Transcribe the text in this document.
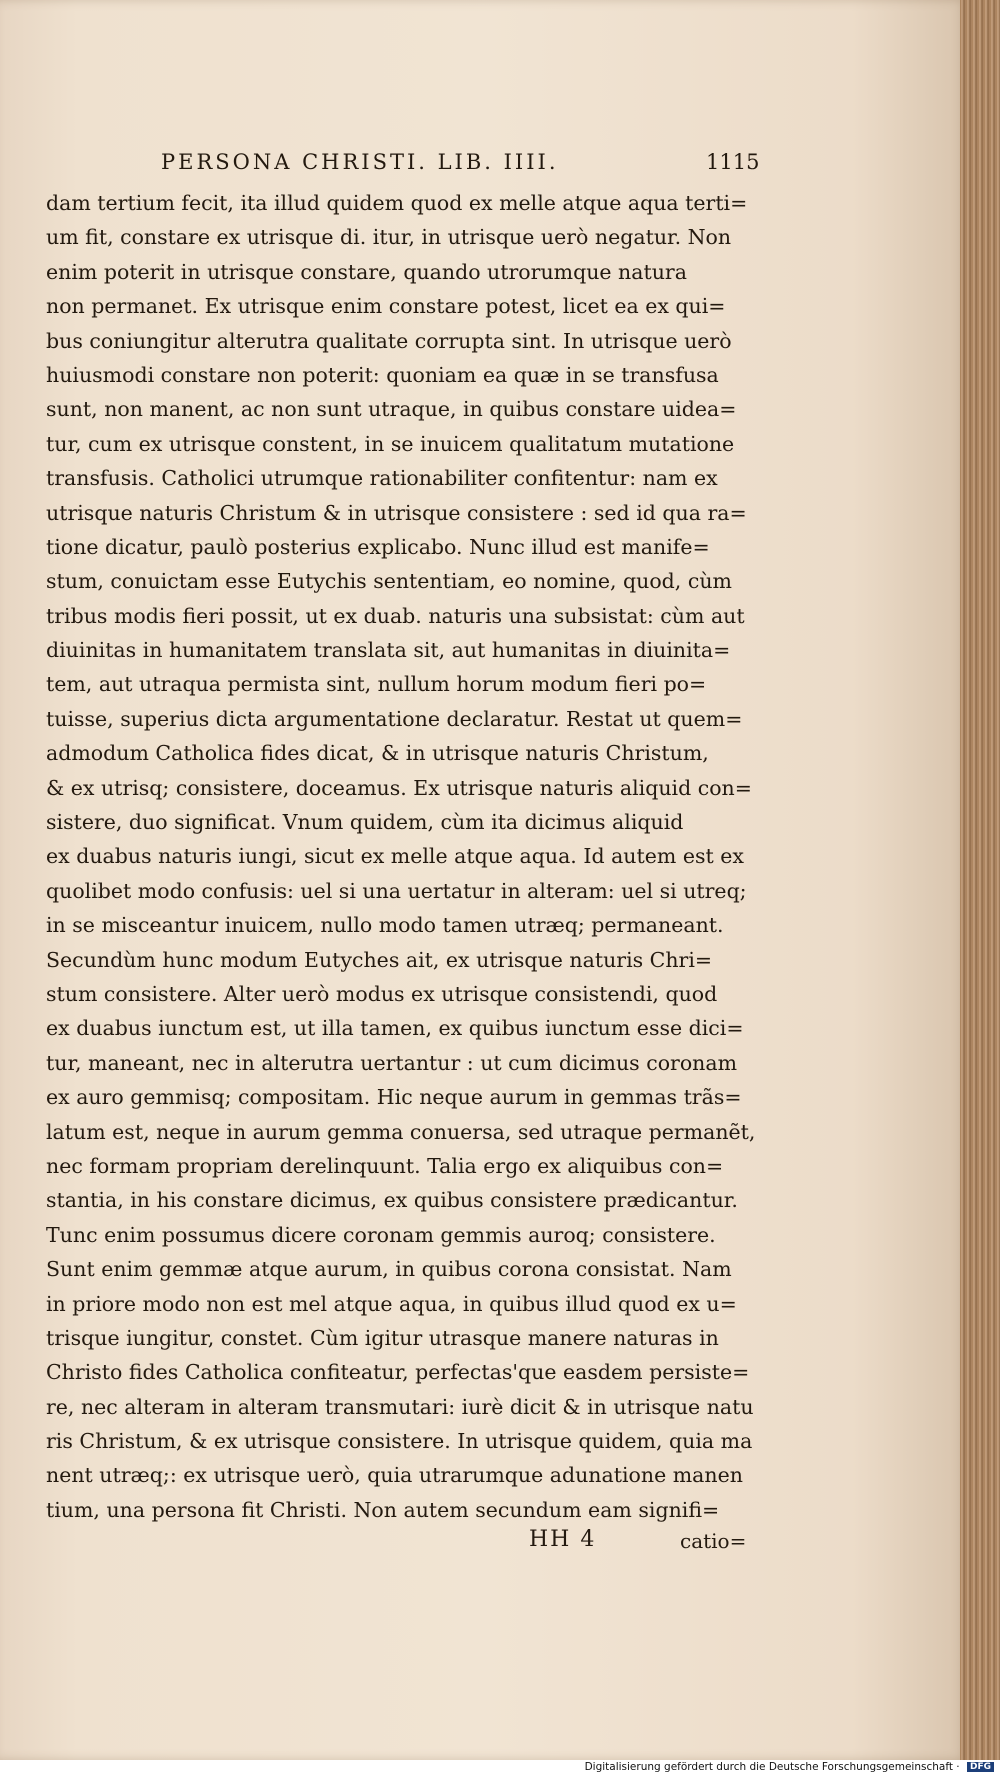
PERSONA CHRISTI. LIB. IIII.	1115
dam tertium fecit, ita illud quidem quod ex melle atque aqua terti=
um fit, constare ex utrisque di. itur, in utrisque uerò negatur. Non
enim poterit in utrisque constare, quando utrorumque natura
non permanet. Ex utrisque enim constare potest, licet ea ex qui=
bus coniungitur alterutra qualitate corrupta sint. In utrisque uerò
huiusmodi constare non poterit: quoniam ea quæ in se transfusa
sunt, non manent, ac non sunt utraque, in quibus constare uidea=
tur, cum ex utrisque constent, in se inuicem qualitatum mutatione
transfusis. Catholici utrumque rationabiliter confitentur: nam ex
utrisque naturis Christum & in utrisque consistere : sed id qua ra=
tione dicatur, paulò posterius explicabo. Nunc illud est manife=
stum, conuictam esse Eutychis sententiam, eo nomine, quod, cùm
tribus modis fieri possit, ut ex duab. naturis una subsistat: cùm aut
diuinitas in humanitatem translata sit, aut humanitas in diuinita=
tem, aut utraqua permista sint, nullum horum modum fieri po=
tuisse, superius dicta argumentatione declaratur. Restat ut quem=
admodum Catholica fides dicat, & in utrisque naturis Christum,
& ex utrisq; consistere, doceamus. Ex utrisque naturis aliquid con=
sistere, duo significat. Vnum quidem, cùm ita dicimus aliquid
ex duabus naturis iungi, sicut ex melle atque aqua. Id autem est ex
quolibet modo confusis: uel si una uertatur in alteram: uel si utreq;
in se misceantur inuicem, nullo modo tamen utræq; permaneant.
Secundùm hunc modum Eutyches ait, ex utrisque naturis Chri=
stum consistere. Alter uerò modus ex utrisque consistendi, quod
ex duabus iunctum est, ut illa tamen, ex quibus iunctum esse dici=
tur, maneant, nec in alterutra uertantur : ut cum dicimus coronam
ex auro gemmisq; compositam. Hic neque aurum in gemmas trãs=
latum est, neque in aurum gemma conuersa, sed utraque permanẽt,
nec formam propriam derelinquunt. Talia ergo ex aliquibus con=
stantia, in his constare dicimus, ex quibus consistere prædicantur.
Tunc enim possumus dicere coronam gemmis auroq; consistere.
Sunt enim gemmæ atque aurum, in quibus corona consistat. Nam
in priore modo non est mel atque aqua, in quibus illud quod ex u=
trisque iungitur, constet. Cùm igitur utrasque manere naturas in
Christo fides Catholica confiteatur, perfectas'que easdem persiste=
re, nec alteram in alteram transmutari: iurè dicit & in utrisque natu
ris Christum, & ex utrisque consistere. In utrisque quidem, quia ma
nent utræq;: ex utrisque uerò, quia utrarumque adunatione manen
tium, una persona fit Christi. Non autem secundum eam signifi=
HH 4	catio=
Digitalisierung gefördert durch die Deutsche Forschungsgemeinschaft · DFG
